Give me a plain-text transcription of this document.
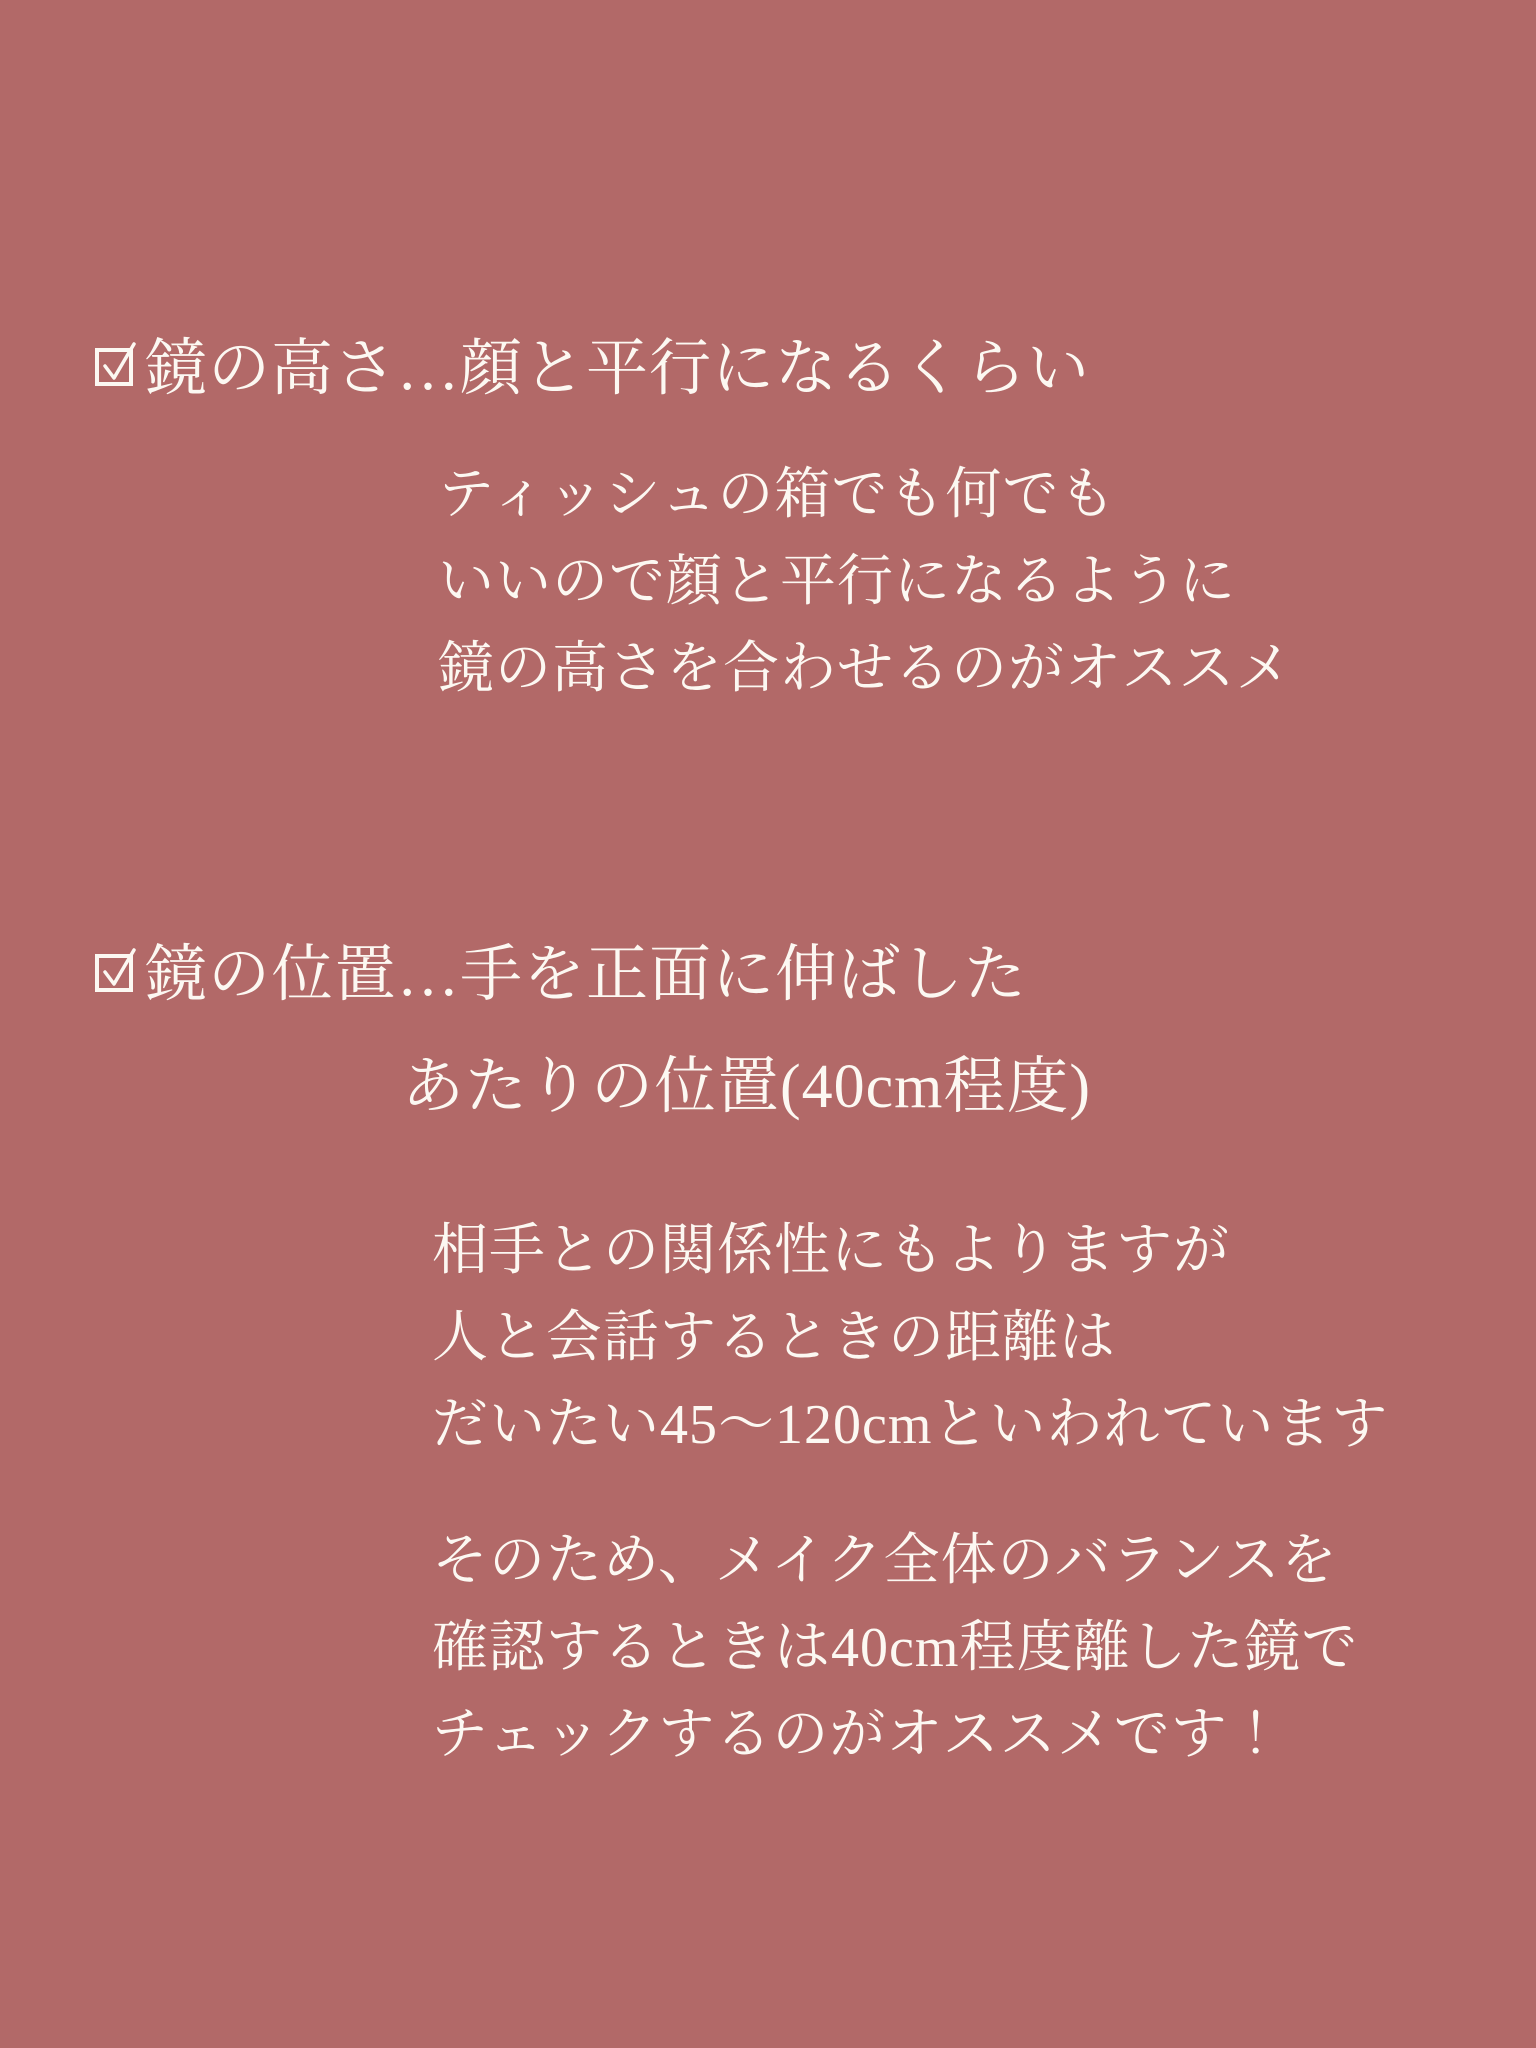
鏡の高さ…顔と平行になるくらい
ティッシュの箱でも何でも
いいので顔と平行になるように
鏡の高さを合わせるのがオススメ
鏡の位置…手を正面に伸ばした
あたりの位置(40cm程度)
相手との関係性にもよりますが
人と会話するときの距離は
だいたい45〜120cmといわれています
そのため、メイク全体のバランスを
確認するときは40cm程度離した鏡で
チェックするのがオススメです！
